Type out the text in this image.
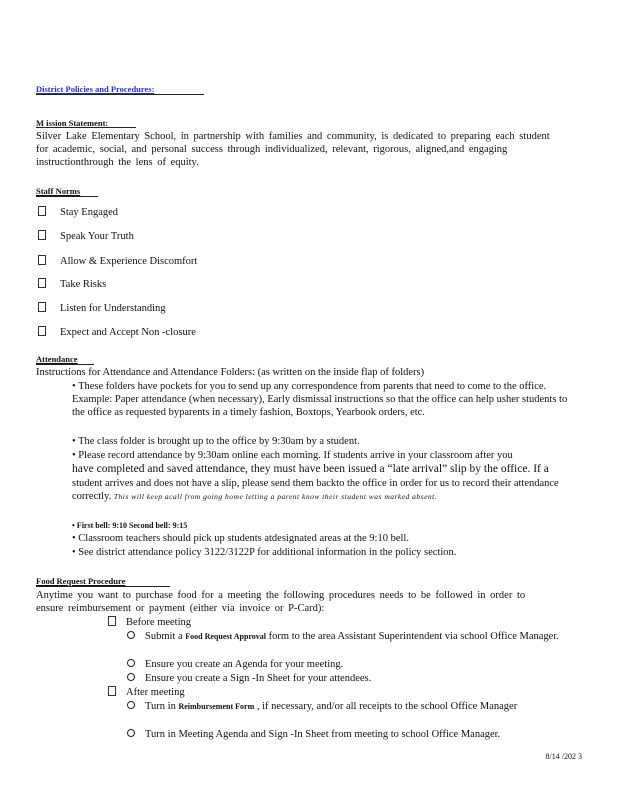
District Policies and Procedures:
M ission Statement:
Silver Lake Elementary School, in partnership with families and community, is dedicated to preparing each student for academic, social, and personal success through individualized, relevant, rigorous, aligned,and engaging instructionthrough the lens of equity.
Staff Norms
Stay Engaged
Speak Your Truth
Allow & Experience Discomfort
Take Risks
Listen for Understanding
Expect and Accept Non -closure
Attendance
Instructions for Attendance and Attendance Folders: (as written on the inside flap of folders)
• These folders have pockets for you to send up any correspondence from parents that need to come to the office. Example: Paper attendance (when necessary), Early dismissal instructions so that the office can help usher students to the office as requested byparents in a timely fashion, Boxtops, Yearbook orders, etc.
• The class folder is brought up to the office by 9:30am by a student.
• Please record attendance by 9:30am online each morning. If students arrive in your classroom after you
have completed and saved attendance, they must have been issued a “late arrival” slip by the office. If a
student arrives and does not have a slip, please send them backto the office in order for us to record their attendance correctly. This will keep acall from going home letting a parent know their student was marked absent.
• First bell: 9:10 Second bell: 9:15
• Classroom teachers should pick up students atdesignated areas at the 9:10 bell.
• See district attendance policy 3122/3122P for additional information in the policy section.
Food Request Procedure
Anytime you want to purchase food for a meeting the following procedures needs to be followed in order to ensure reimbursement or payment (either via invoice or P-Card):
Before meeting
Submit a Food Request Approval form to the area Assistant Superintendent via school Office Manager.
Ensure you create an Agenda for your meeting.
Ensure you create a Sign -In Sheet for your attendees.
After meeting
Turn in Reimbursement Form , if necessary, and/or all receipts to the school Office Manager
Turn in Meeting Agenda and Sign -In Sheet from meeting to school Office Manager.
8/14 /202 3
